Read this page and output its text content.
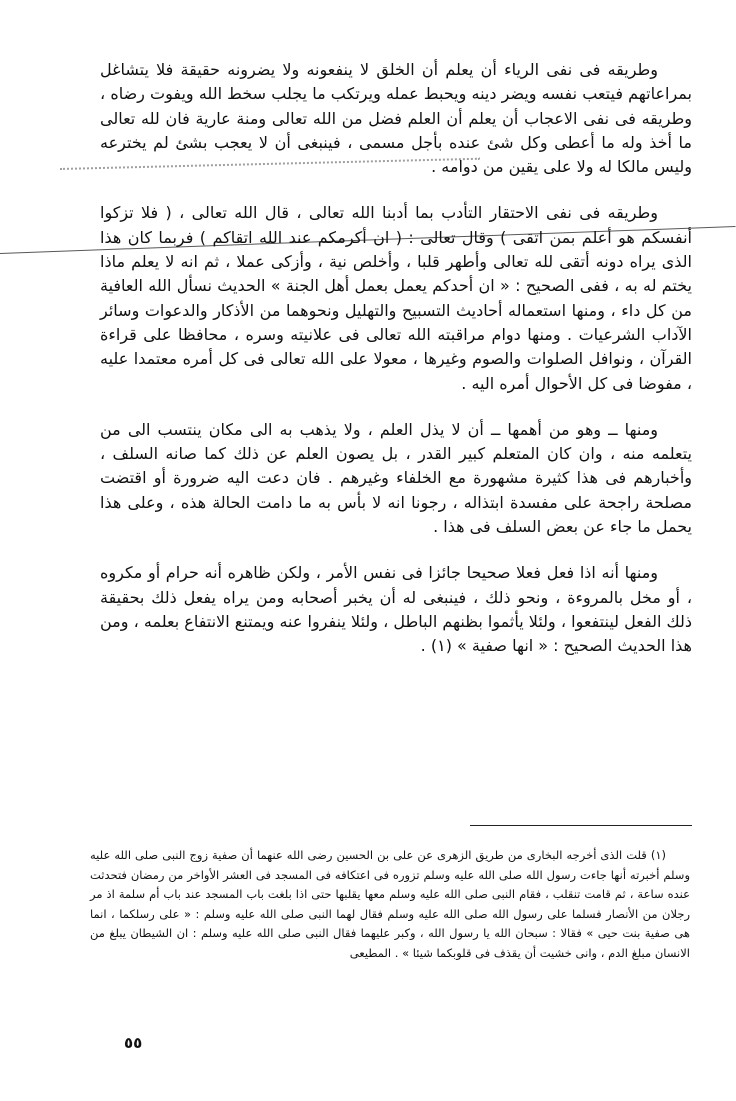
وطريقه فى نفى الرياء أن يعلم أن الخلق لا ينفعونه ولا يضرونه حقيقة فلا يتشاغل بمراعاتهم فيتعب نفسه ويضر دينه ويحبط عمله ويرتكب ما يجلب سخط الله ويفوت رضاه ، وطريقه فى نفى الاعجاب أن يعلم أن العلم فضل من الله تعالى ومنة عارية فان لله تعالى ما أخذ وله ما أعطى وكل شئ عنده بأجل مسمى ، فينبغى أن لا يعجب بشئ لم يخترعه وليس مالكا له ولا على يقين من دوامه .

وطريقه فى نفى الاحتقار التأدب بما أدبنا الله تعالى ، قال الله تعالى ، ( فلا تزكوا أنفسكم هو أعلم بمن اتقى ) وقال تعالى : ( ان أكرمكم عند الله اتقاكم ) فربما كان هذا الذى يراه دونه أتقى لله تعالى وأطهر قلبا ، وأخلص نية ، وأزكى عملا ، ثم انه لا يعلم ماذا يختم له به ، ففى الصحيح : « ان أحدكم يعمل بعمل أهل الجنة » الحديث نسأل الله العافية من كل داء ، ومنها استعماله أحاديث التسبيح والتهليل ونحوهما من الأذكار والدعوات وسائر الآداب الشرعيات . ومنها دوام مراقبته الله تعالى فى علانيته وسره ، محافظا على قراءة القرآن ، ونوافل الصلوات والصوم وغيرها ، معولا على الله تعالى فى كل أمره معتمدا عليه ، مفوضا فى كل الأحوال أمره اليه .

ومنها ــ وهو من أهمها ــ أن لا يذل العلم ، ولا يذهب به الى مكان ينتسب الى من يتعلمه منه ، وان كان المتعلم كبير القدر ، بل يصون العلم عن ذلك كما صانه السلف ، وأخبارهم فى هذا كثيرة مشهورة مع الخلفاء وغيرهم . فان دعت اليه ضرورة أو اقتضت مصلحة راجحة على مفسدة ابتذاله ، رجونا انه لا بأس به ما دامت الحالة هذه ، وعلى هذا يحمل ما جاء عن بعض السلف فى هذا .

ومنها أنه اذا فعل فعلا صحيحا جائزا فى نفس الأمر ، ولكن ظاهره أنه حرام أو مكروه ، أو مخل بالمروءة ، ونحو ذلك ، فينبغى له أن يخبر أصحابه ومن يراه يفعل ذلك بحقيقة ذلك الفعل لينتفعوا ، ولئلا يأثموا بظنهم الباطل ، ولئلا ينفروا عنه ويمتنع الانتفاع بعلمه ، ومن هذا الحديث الصحيح : « انها صفية » (١) .

(١) قلت الذى أخرجه البخارى من طريق الزهرى عن على بن الحسين رضى الله عنهما أن صفية زوج النبى صلى الله عليه وسلم أخبرته أنها جاءت رسول الله صلى الله عليه وسلم تزوره فى اعتكافه فى المسجد فى العشر الأواخر من رمضان فتحدثت عنده ساعة ، ثم قامت تنقلب ، فقام النبى صلى الله عليه وسلم معها يقلبها حتى اذا بلغت باب المسجد عند باب أم سلمة اذ مر رجلان من الأنصار فسلما على رسول الله صلى الله عليه وسلم فقال لهما النبى صلى الله عليه وسلم : « على رسلكما ، انما هى صفية بنت حيى » فقالا : سبحان الله يا رسول الله ، وكبر عليهما فقال النبى صلى الله عليه وسلم : ان الشيطان يبلغ من الانسان مبلغ الدم ، وانى خشيت أن يقذف فى قلوبكما شيئا » . المطيعى
٥٥
